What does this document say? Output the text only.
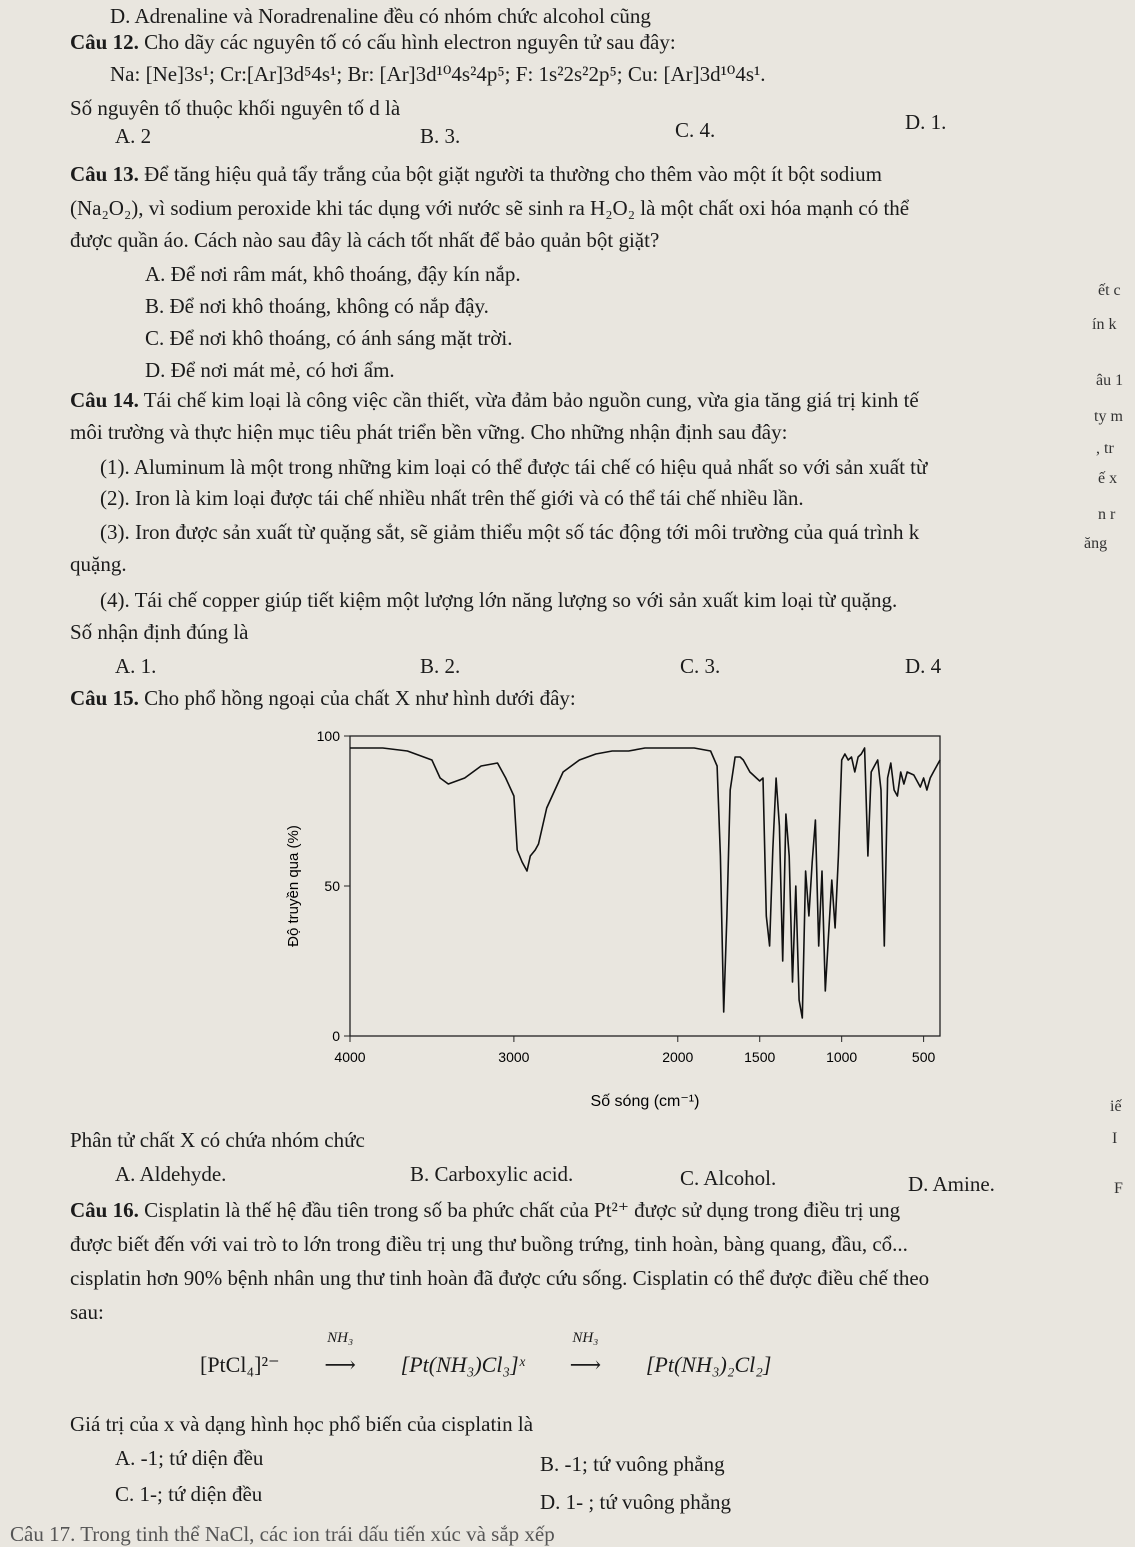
D. Adrenaline và Noradrenaline đều có nhóm chức alcohol cũng
Câu 12. Cho dãy các nguyên tố có cấu hình electron nguyên tử sau đây:
Na: [Ne]3s¹; Cr:[Ar]3d⁵4s¹; Br: [Ar]3d¹⁰4s²4p⁵; F: 1s²2s²2p⁵; Cu: [Ar]3d¹⁰4s¹.
Số nguyên tố thuộc khối nguyên tố d là
A. 2	B. 3.	C. 4.	D. 1.
Câu 13. Để tăng hiệu quả tẩy trắng của bột giặt người ta thường cho thêm vào một ít bột sodium
(Na₂O₂), vì sodium peroxide khi tác dụng với nước sẽ sinh ra H₂O₂ là một chất oxi hóa mạnh có thể
được quần áo. Cách nào sau đây là cách tốt nhất để bảo quản bột giặt?
A. Để nơi râm mát, khô thoáng, đậy kín nắp.
B. Để nơi khô thoáng, không có nắp đậy.
C. Để nơi khô thoáng, có ánh sáng mặt trời.
D. Để nơi mát mẻ, có hơi ẩm.
Câu 14. Tái chế kim loại là công việc cần thiết, vừa đảm bảo nguồn cung, vừa gia tăng giá trị kinh tế
môi trường và thực hiện mục tiêu phát triển bền vững. Cho những nhận định sau đây:
(1). Aluminum là một trong những kim loại có thể được tái chế có hiệu quả nhất so với sản xuất từ
(2). Iron là kim loại được tái chế nhiều nhất trên thế giới và có thể tái chế nhiều lần.
(3). Iron được sản xuất từ quặng sắt, sẽ giảm thiểu một số tác động tới môi trường của quá trình k
quặng.
(4). Tái chế copper giúp tiết kiệm một lượng lớn năng lượng so với sản xuất kim loại từ quặng.
Số nhận định đúng là
A. 1.	B. 2.	C. 3.	D. 4
Câu 15. Cho phổ hồng ngoại của chất X như hình dưới đây:
0
50
100
4000	3000	2000	1500	1000	500
Độ truyền qua (%)
Số sóng (cm⁻¹)
Phân tử chất X có chứa nhóm chức
A. Aldehyde.	B. Carboxylic acid.	C. Alcohol.	D. Amine.
Câu 16. Cisplatin là thế hệ đầu tiên trong số ba phức chất của Pt²⁺ được sử dụng trong điều trị ung
được biết đến với vai trò to lớn trong điều trị ung thư buồng trứng, tinh hoàn, bàng quang, đầu, cổ...
cisplatin hơn 90% bệnh nhân ung thư tinh hoàn đã được cứu sống. Cisplatin có thể được điều chế theo
sau:
[PtCl₄]²⁻
NH₃
⟶ [Pt(NH₃)Cl₃]ˣ
NH₃
⟶ [Pt(NH₃)₂Cl₂]
Giá trị của x và dạng hình học phổ biến của cisplatin là
A. -1; tứ diện đều	B. -1; tứ vuông phẳng
C. 1-; tứ diện đều	D. 1- ; tứ vuông phẳng
Câu 17. Trong tinh thể NaCl, các ion trái dấu tiến xúc và sắp xếp
ết c
ín k
âu 1
ty m
, tr
ế x
n r
ăng
iế
I
F
